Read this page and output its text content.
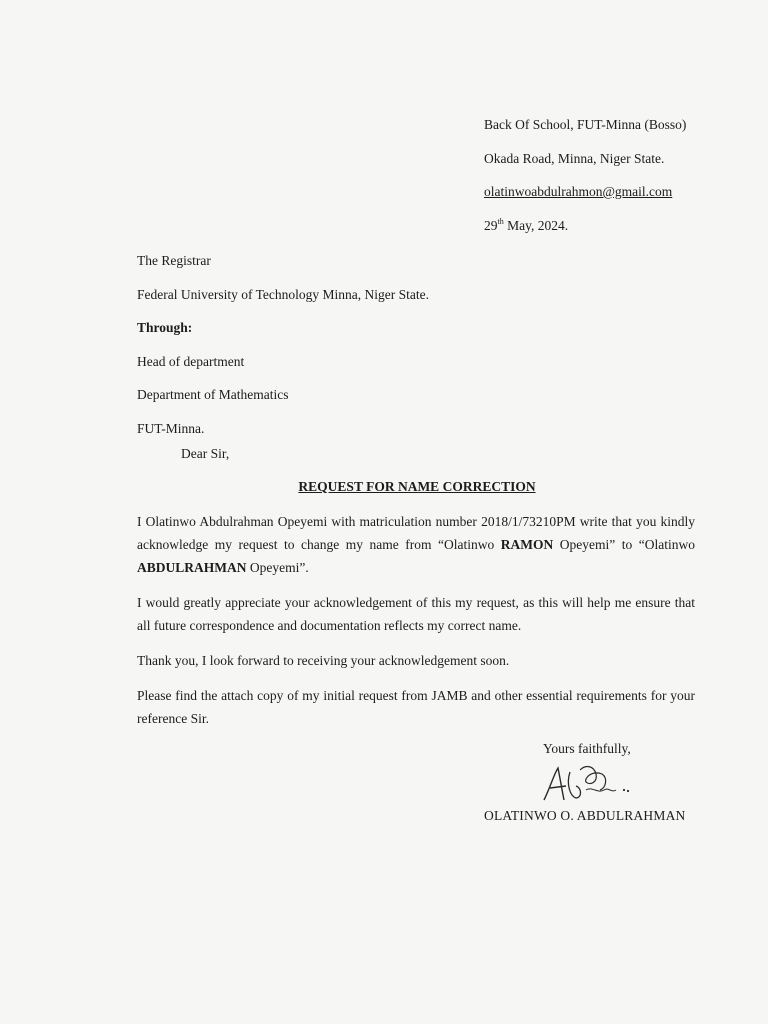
Back Of School, FUT-Minna (Bosso)
Okada Road, Minna, Niger State.
olatinwoabdulrahmon@gmail.com
29th May, 2024.
The Registrar
Federal University of Technology Minna, Niger State.
Through:
Head of department
Department of Mathematics
FUT-Minna.
Dear Sir,
REQUEST FOR NAME CORRECTION

I Olatinwo Abdulrahman Opeyemi with matriculation number 2018/1/73210PM write that you kindly acknowledge my request to change my name from “Olatinwo RAMON Opeyemi” to “Olatinwo ABDULRAHMAN Opeyemi”.

I would greatly appreciate your acknowledgement of this my request, as this will help me ensure that all future correspondence and documentation reflects my correct name.

Thank you, I look forward to receiving your acknowledgement soon.

Please find the attach copy of my initial request from JAMB and other essential requirements for your reference Sir.

Yours faithfully,
OLATINWO O. ABDULRAHMAN
